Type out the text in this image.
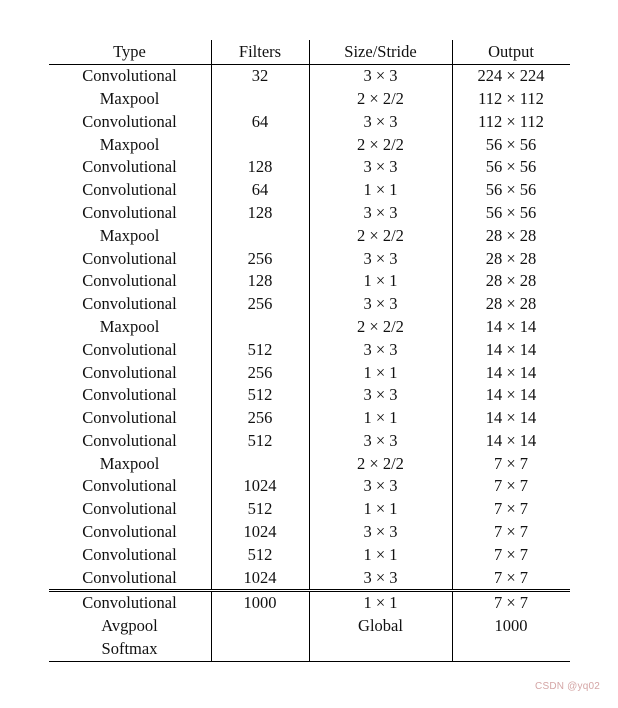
Type	Filters	Size/Stride	Output
Convolutional	32	3 × 3	224 × 224
Maxpool		2 × 2/2	112 × 112
Convolutional	64	3 × 3	112 × 112
Maxpool		2 × 2/2	56 × 56
Convolutional	128	3 × 3	56 × 56
Convolutional	64	1 × 1	56 × 56
Convolutional	128	3 × 3	56 × 56
Maxpool		2 × 2/2	28 × 28
Convolutional	256	3 × 3	28 × 28
Convolutional	128	1 × 1	28 × 28
Convolutional	256	3 × 3	28 × 28
Maxpool		2 × 2/2	14 × 14
Convolutional	512	3 × 3	14 × 14
Convolutional	256	1 × 1	14 × 14
Convolutional	512	3 × 3	14 × 14
Convolutional	256	1 × 1	14 × 14
Convolutional	512	3 × 3	14 × 14
Maxpool		2 × 2/2	7 × 7
Convolutional	1024	3 × 3	7 × 7
Convolutional	512	1 × 1	7 × 7
Convolutional	1024	3 × 3	7 × 7
Convolutional	512	1 × 1	7 × 7
Convolutional	1024	3 × 3	7 × 7
Convolutional	1000	1 × 1	7 × 7
Avgpool		Global	1000
Softmax			
CSDN @yq02
